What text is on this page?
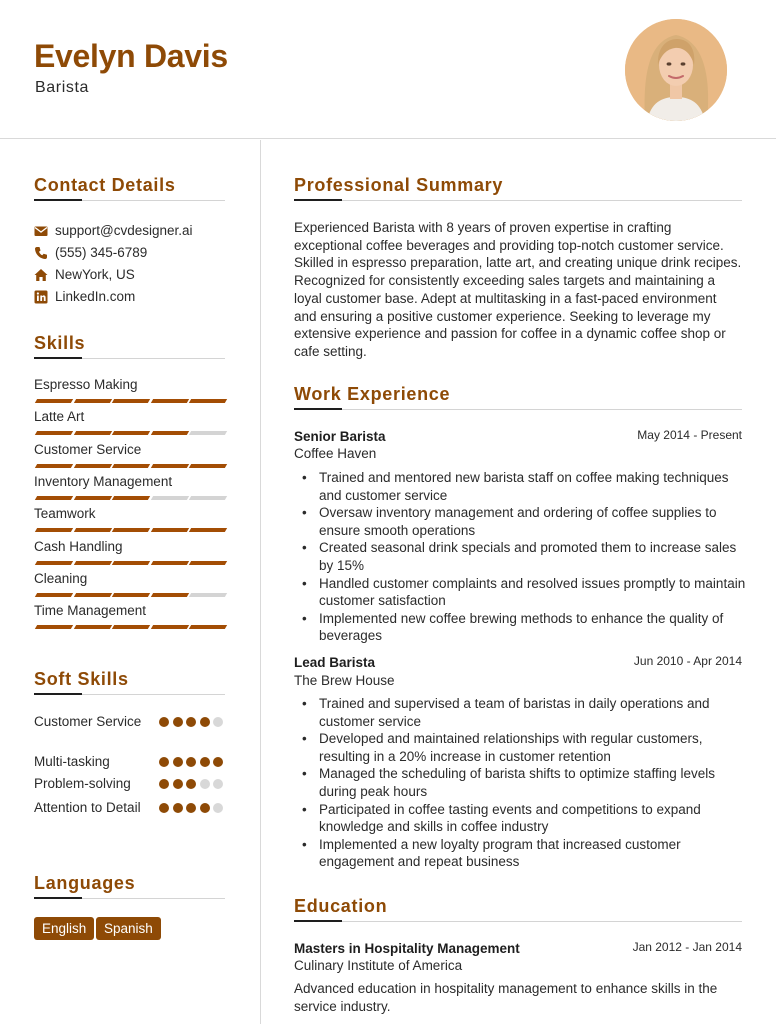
Evelyn Davis
Barista
Contact Details
support@cvdesigner.ai
(555) 345-6789
NewYork, US
LinkedIn.com
Skills
Espresso Making
Latte Art
Customer Service
Inventory Management
Teamwork
Cash Handling
Cleaning
Time Management
Soft Skills
Customer Service
Multi-tasking
Problem-solving
Attention to Detail
Languages
English	Spanish
Professional Summary
Experienced Barista with 8 years of proven expertise in crafting exceptional coffee beverages and providing top-notch customer service. Skilled in espresso preparation, latte art, and creating unique drink recipes. Recognized for consistently exceeding sales targets and maintaining a loyal customer base. Adept at multitasking in a fast-paced environment and ensuring a positive customer experience. Seeking to leverage my extensive experience and passion for coffee in a dynamic coffee shop or cafe setting.
Work Experience
Senior Barista	May 2014 - Present
Coffee Haven
• Trained and mentored new barista staff on coffee making techniques and customer service
• Oversaw inventory management and ordering of coffee supplies to ensure smooth operations
• Created seasonal drink specials and promoted them to increase sales by 15%
• Handled customer complaints and resolved issues promptly to maintain customer satisfaction
• Implemented new coffee brewing methods to enhance the quality of beverages
Lead Barista	Jun 2010 - Apr 2014
The Brew House
• Trained and supervised a team of baristas in daily operations and customer service
• Developed and maintained relationships with regular customers, resulting in a 20% increase in customer retention
• Managed the scheduling of barista shifts to optimize staffing levels during peak hours
• Participated in coffee tasting events and competitions to expand knowledge and skills in coffee industry
• Implemented a new loyalty program that increased customer engagement and repeat business
Education
Masters in Hospitality Management	Jan 2012 - Jan 2014
Culinary Institute of America
Advanced education in hospitality management to enhance skills in the service industry.
